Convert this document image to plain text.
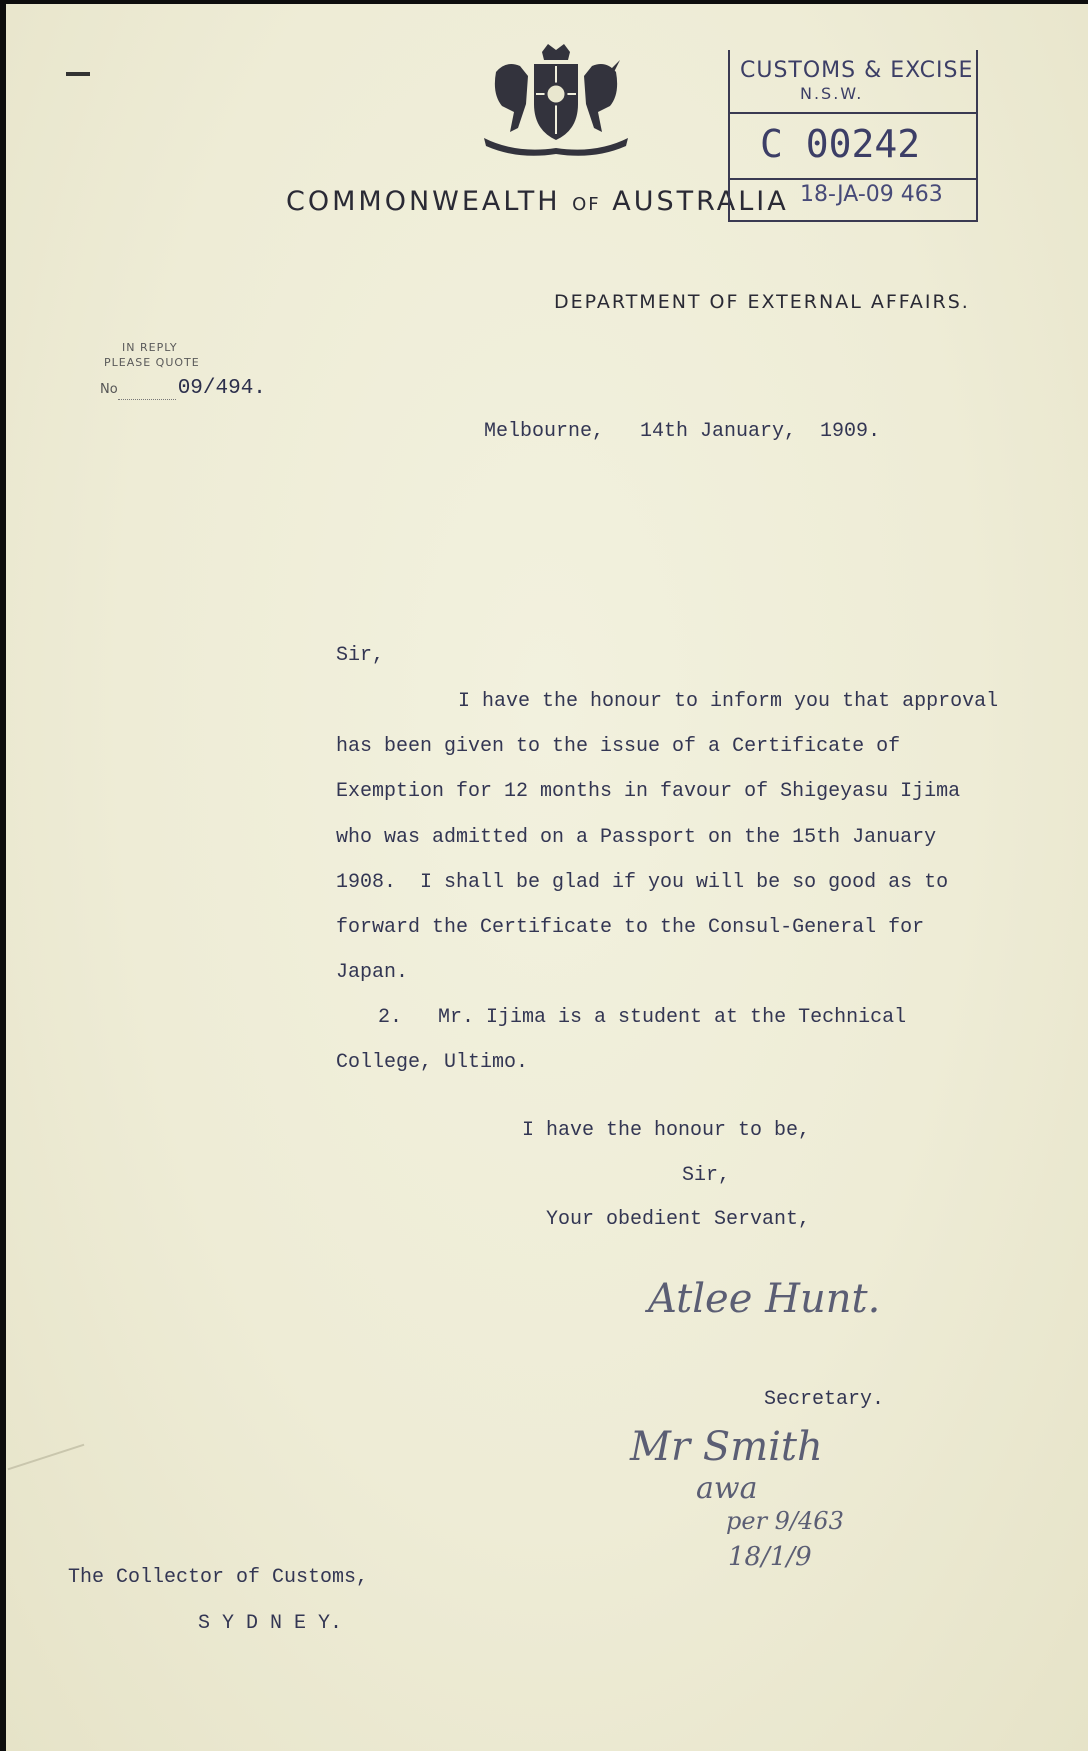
COMMONWEALTH OF AUSTRALIA
CUSTOMS & EXCISE
N.S.W.
C 00242
18-JA-09 463
DEPARTMENT OF EXTERNAL AFFAIRS.
IN REPLY
PLEASE QUOTE
No	09/494.
Melbourne,   14th January,  1909.
Sir,
I have the honour to inform you that approval
has been given to the issue of a Certificate of
Exemption for 12 months in favour of Shigeyasu Ijima
who was admitted on a Passport on the 15th January
1908.  I shall be glad if you will be so good as to
forward the Certificate to the Consul-General for
Japan.
2.   Mr. Ijima is a student at the Technical
College, Ultimo.
I have the honour to be,
Sir,
Your obedient Servant,
Atlee Hunt.
Secretary.
Mr Smith
awa
per 9/463
18/1/9
The Collector of Customs,
S Y D N E Y.
